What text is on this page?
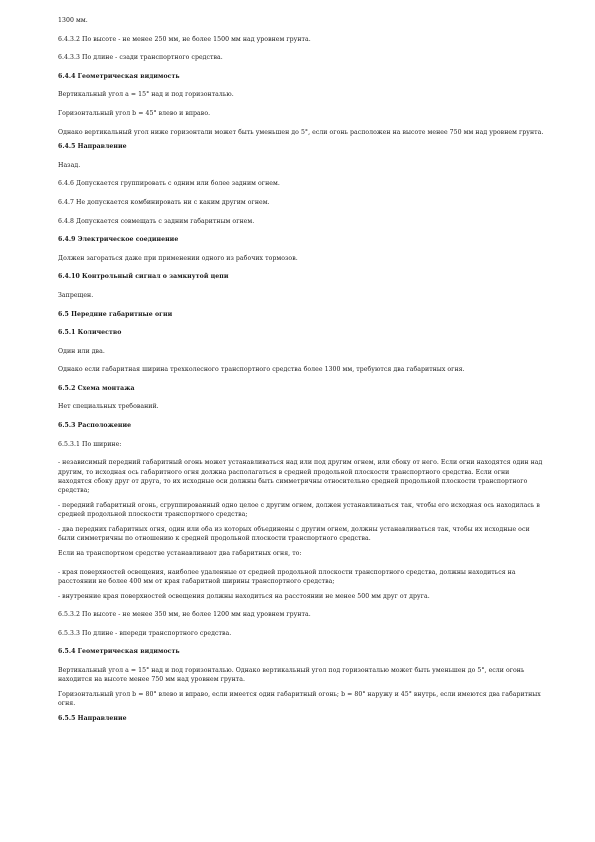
1300 мм.
6.4.3.2 По высоте - не менее 250 мм, не более 1500 мм над уровнем грунта.
6.4.3.3 По длине - сзади транспортного средства.
6.4.4 Геометрическая видимость
Вертикальный угол a = 15° над и под горизонталью.
Горизонтальный угол b = 45° влево и вправо.
Однако вертикальный угол ниже горизонтали может быть уменьшен до 5°, если огонь расположен на высоте менее 750 мм над уровнем грунта.
6.4.5 Направление
Назад.
6.4.6 Допускается группировать с одним или более задним огнем.
6.4.7 Не допускается комбинировать ни с каким другим огнем.
6.4.8 Допускается совмещать с задним габаритным огнем.
6.4.9 Электрическое соединение
Должен загораться даже при применении одного из рабочих тормозов.
6.4.10 Контрольный сигнал о замкнутой цепи
Запрещен.
6.5 Передние габаритные огни
6.5.1 Количество
Один или два.
Однако если габаритная ширина трехколесного транспортного средства более 1300 мм, требуются два габаритных огня.
6.5.2 Схема монтажа
Нет специальных требований.
6.5.3 Расположение
6.5.3.1 По ширине:
- независимый передний габаритный огонь может устанавливаться над или под другим огнем, или сбоку от него. Если огни находятся один над другим, то исходная ось габаритного огня должна располагаться в средней продольной плоскости транспортного средства. Если огни находятся сбоку друг от друга, то их исходные оси должны быть симметричны относительно средней продольной плоскости транспортного средства;
- передний габаритный огонь, сгруппированный одно целое с другим огнем, должен устанавливаться так, чтобы его исходная ось находилась в средней продольной плоскости транспортного средства;
- два передних габаритных огня, один или оба из которых объединены с другим огнем, должны устанавливаться так, чтобы их исходные оси были симметричны по отношению к средней продольной плоскости транспортного средства.
Если на транспортном средстве устанавливают два габаритных огня, то:
- края поверхностей освещения, наиболее удаленные от средней продольной плоскости транспортного средства, должны находиться на расстоянии не более 400 мм от края габаритной ширины транспортного средства;
- внутренние края поверхностей освещения должны находиться на расстоянии не менее 500 мм друг от друга.
6.5.3.2 По высоте - не менее 350 мм, не более 1200 мм над уровнем грунта.
6.5.3.3 По длине - впереди транспортного средства.
6.5.4 Геометрическая видимость
Вертикальный угол a = 15° над и под горизонталью. Однако вертикальный угол под горизонталью может быть уменьшен до 5°, если огонь находится на высоте менее 750 мм над уровнем грунта.
Горизонтальный угол b = 80° влево и вправо, если имеется один габаритный огонь; b = 80° наружу и 45° внутрь, если имеются два габаритных огня.
6.5.5 Направление
